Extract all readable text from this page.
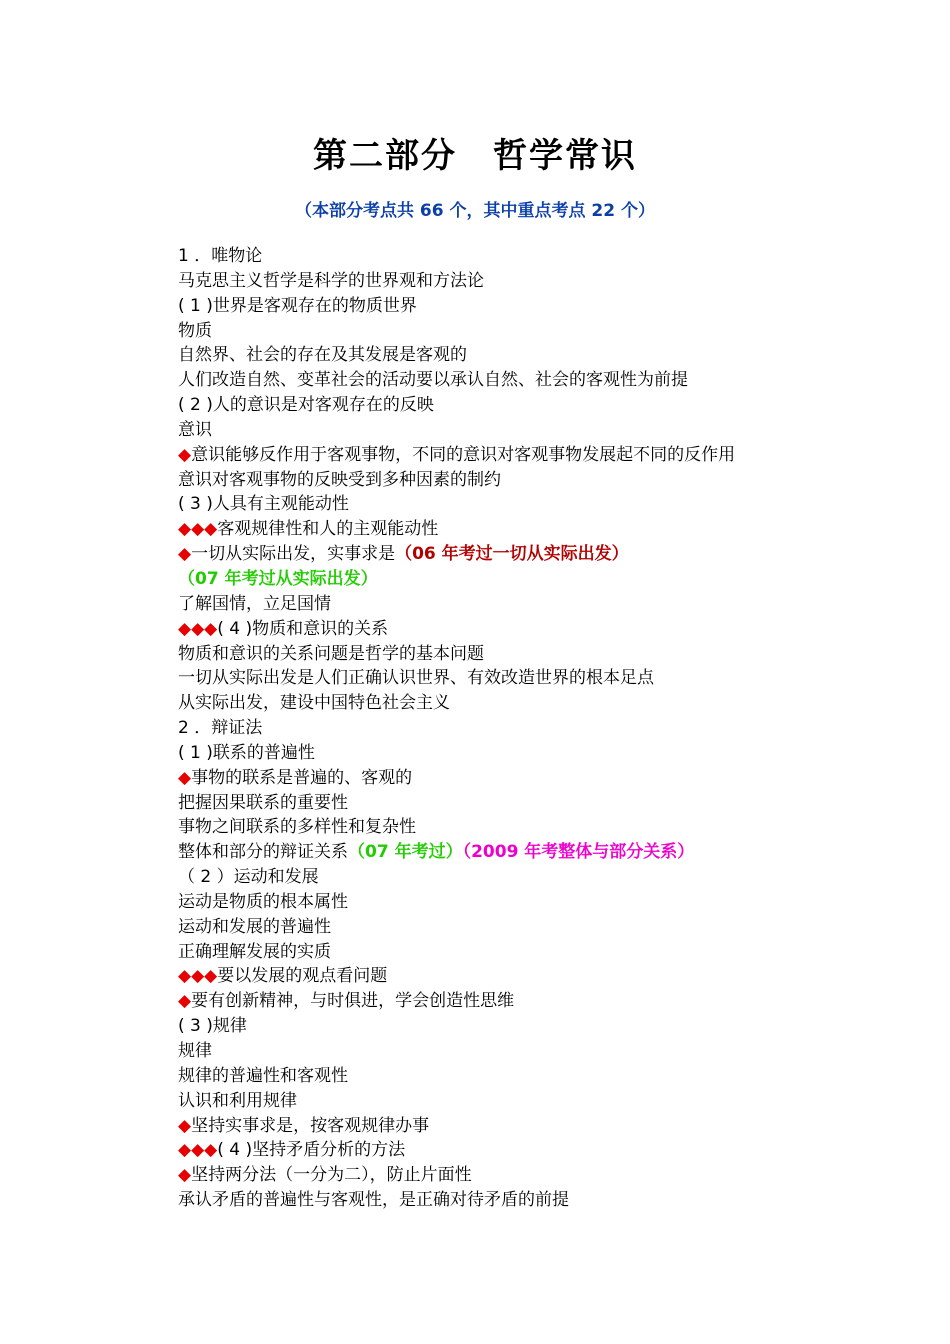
第二部分　哲学常识
（本部分考点共 66 个，其中重点考点 22 个）
1 ．唯物论
马克思主义哲学是科学的世界观和方法论
( 1 )世界是客观存在的物质世界
物质
自然界、社会的存在及其发展是客观的
人们改造自然、变革社会的活动要以承认自然、社会的客观性为前提
( 2 )人的意识是对客观存在的反映
意识
◆意识能够反作用于客观事物，不同的意识对客观事物发展起不同的反作用
意识对客观事物的反映受到多种因素的制约
( 3 )人具有主观能动性
◆◆◆客观规律性和人的主观能动性
◆一切从实际出发，实事求是（06 年考过一切从实际出发）（07 年考过从实际出发）
了解国情，立足国情
◆◆◆( 4 )物质和意识的关系
物质和意识的关系问题是哲学的基本问题
一切从实际出发是人们正确认识世界、有效改造世界的根本足点
从实际出发，建设中国特色社会主义
2 ．辩证法
( 1 )联系的普遍性
◆事物的联系是普遍的、客观的
把握因果联系的重要性
事物之间联系的多样性和复杂性
整体和部分的辩证关系（07 年考过）（2009 年考整体与部分关系）
（ 2 ）运动和发展
运动是物质的根本属性
运动和发展的普遍性
正确理解发展的实质
◆◆◆要以发展的观点看问题
◆要有创新精神，与时俱进，学会创造性思维
( 3 )规律
规律
规律的普遍性和客观性
认识和利用规律
◆坚持实事求是，按客观规律办事
◆◆◆( 4 )坚持矛盾分析的方法
◆坚持两分法（一分为二），防止片面性
承认矛盾的普遍性与客观性，是正确对待矛盾的前提
